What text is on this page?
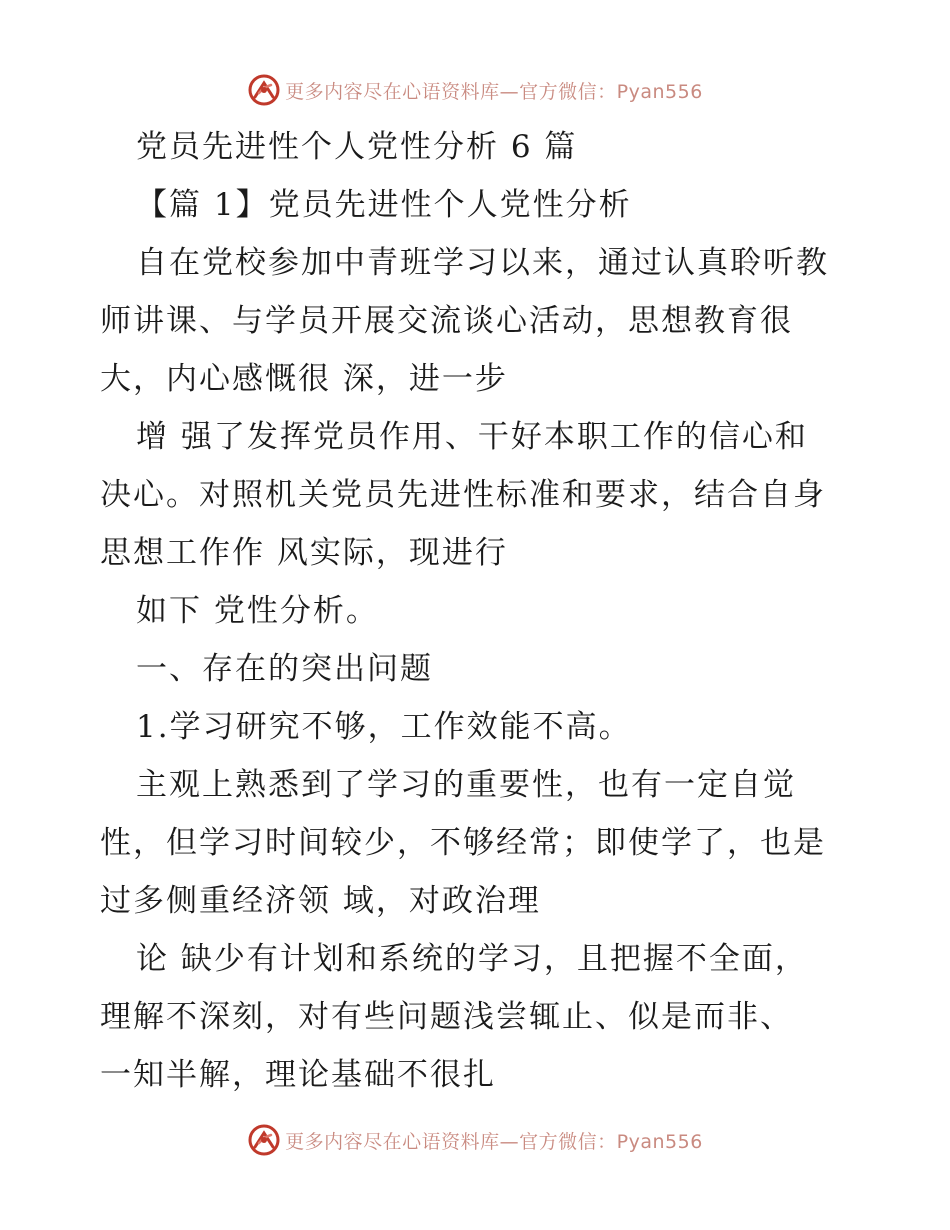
更多内容尽在心语资料库—官方微信：Pyan556
党员先进性个人党性分析 6 篇
【篇 1】党员先进性个人党性分析
自在党校参加中青班学习以来，通过认真聆听教
师讲课、与学员开展交流谈心活动，思想教育很
大，内心感慨很 深，进一步
增 强了发挥党员作用、干好本职工作的信心和
决心。对照机关党员先进性标准和要求，结合自身
思想工作作 风实际，现进行
如下 党性分析。
一、存在的突出问题
1.学习研究不够，工作效能不高。
主观上熟悉到了学习的重要性，也有一定自觉
性，但学习时间较少，不够经常；即使学了，也是
过多侧重经济领 域，对政治理
论 缺少有计划和系统的学习，且把握不全面，
理解不深刻，对有些问题浅尝辄止、似是而非、
一知半解，理论基础不很扎
更多内容尽在心语资料库—官方微信：Pyan556
